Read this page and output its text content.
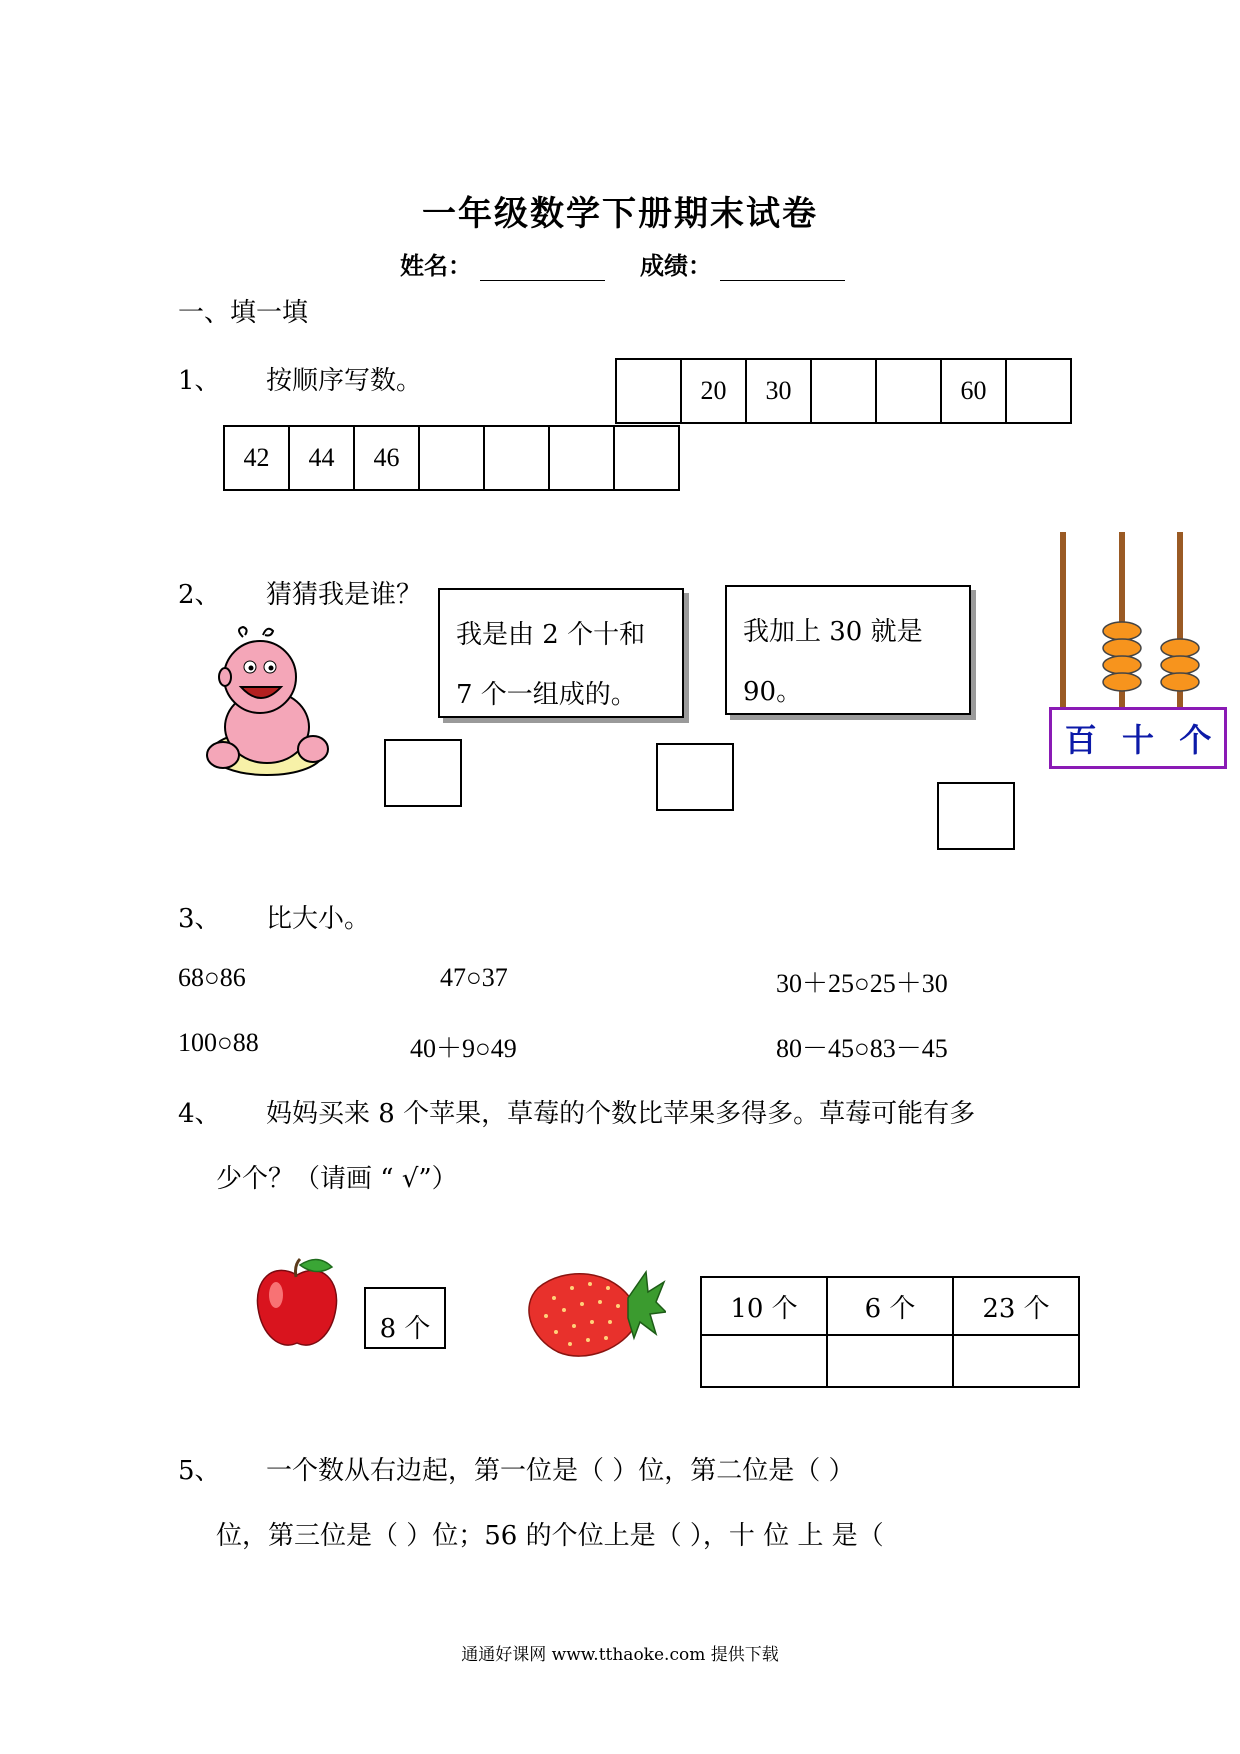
一年级数学下册期末试卷
姓名：	成绩：
一、填一填
1、 按顺序写数。
		20	30			60	
42	44	46				
2、 猜猜我是谁？
我是由 2 个十和
7 个一组成的。
我加上 30 就是
90。
百 十 个
3、 比大小。
68○86	47○37	30＋25○25＋30
100○88	40＋9○49	80－45○83－45
4、 妈妈买来 8 个苹果，草莓的个数比苹果多得多。草莓可能有多
少个？（请画 “ √”）
8 个
10 个	6 个	23 个

5、 一个数从右边起，第一位是（ ）位，第二位是（ ）
位，第三位是（ ）位；56 的个位上是（ ），十 位 上 是（
通通好课网 www.tthaoke.com 提供下载
